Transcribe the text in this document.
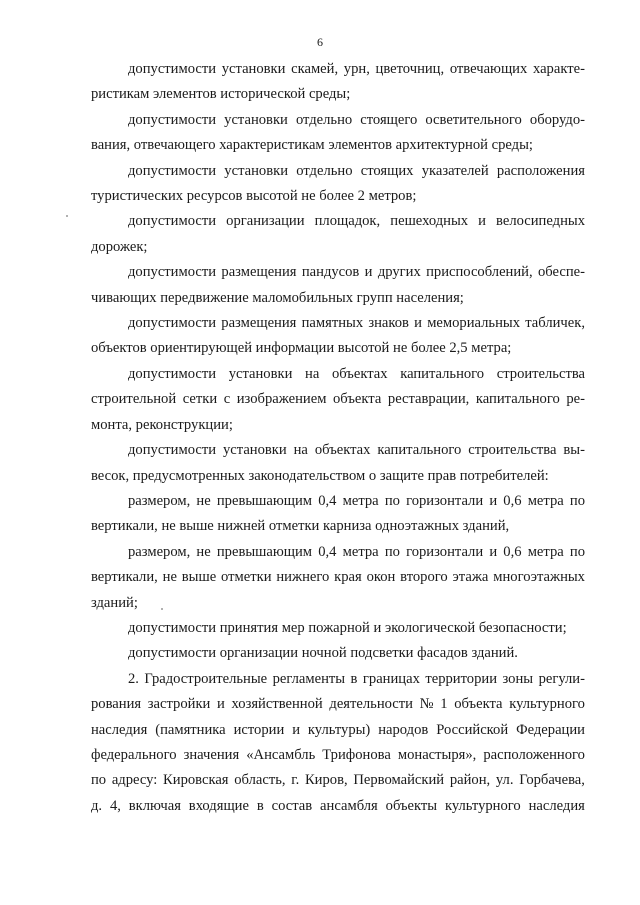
6
допустимости установки скамей, урн, цветочниц, отвечающих характе-
ристикам элементов исторической среды;
допустимости установки отдельно стоящего осветительного оборудо-
вания, отвечающего характеристикам элементов архитектурной среды;
допустимости установки отдельно стоящих указателей расположения
туристических ресурсов высотой не более 2 метров;
допустимости организации площадок, пешеходных и велосипедных
дорожек;
допустимости размещения пандусов и других приспособлений, обеспе-
чивающих передвижение маломобильных групп населения;
допустимости размещения памятных знаков и мемориальных табличек,
объектов ориентирующей информации высотой не более 2,5 метра;
допустимости установки на объектах капитального строительства
строительной сетки с изображением объекта реставрации, капитального ре-
монта, реконструкции;
допустимости установки на объектах капитального строительства вы-
весок, предусмотренных законодательством о защите прав потребителей:
размером, не превышающим 0,4 метра по горизонтали и 0,6 метра по
вертикали, не выше нижней отметки карниза одноэтажных зданий,
размером, не превышающим 0,4 метра по горизонтали и 0,6 метра по
вертикали, не выше отметки нижнего края окон второго этажа многоэтажных
зданий;
допустимости принятия мер пожарной и экологической безопасности;
допустимости организации ночной подсветки фасадов зданий.
2. Градостроительные регламенты в границах территории зоны регули-
рования застройки и хозяйственной деятельности № 1 объекта культурного
наследия (памятника истории и культуры) народов Российской Федерации
федерального значения «Ансамбль Трифонова монастыря», расположенного
по адресу: Кировская область, г. Киров, Первомайский район, ул. Горбачева,
д. 4, включая входящие в состав ансамбля объекты культурного наследия
